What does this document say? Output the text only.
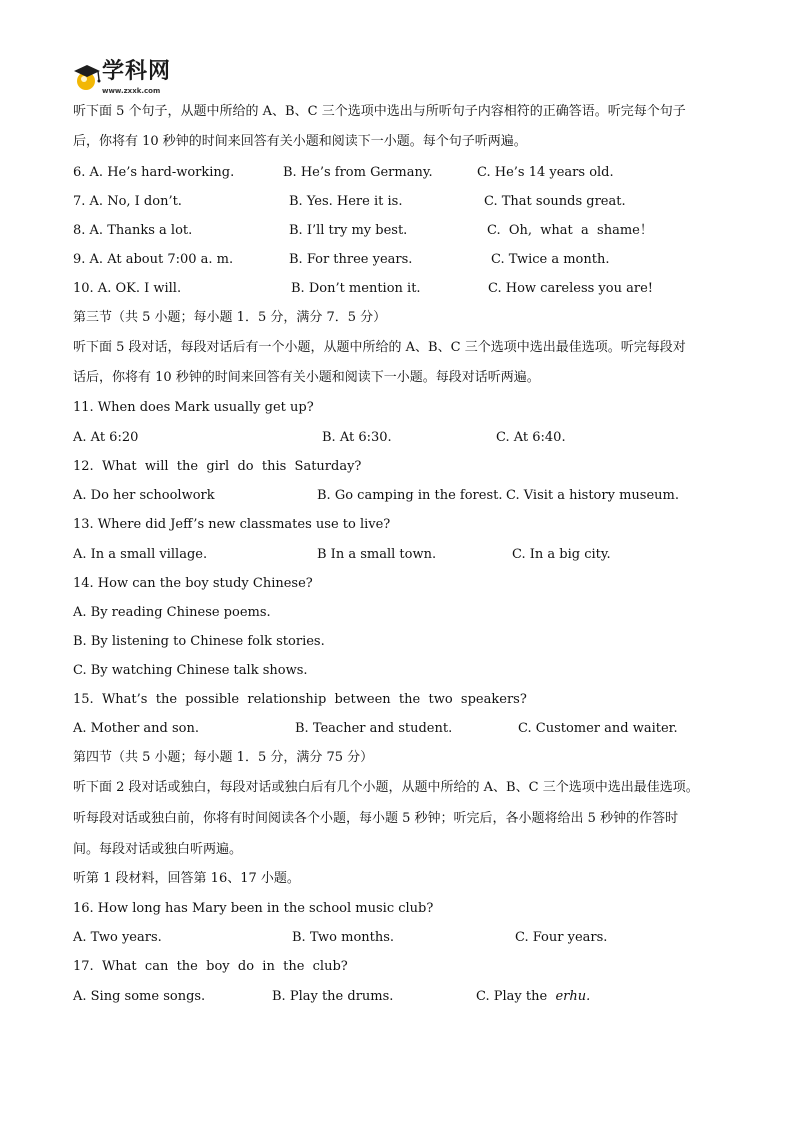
学科网
www.zxxk.com
听下面 5 个句子，从题中所给的 A、B、C 三个选项中选出与所听句子内容相符的正确答语。听完每个句子
后，你将有 10 秒钟的时间来回答有关小题和阅读下一小题。每个句子听两遍。
6. A. He’s hard-working.	B. He’s from Germany.	C. He’s 14 years old.
7. A. No, I don’t.	B. Yes. Here it is.	C. That sounds great.
8. A. Thanks a lot.	B. I’ll try my best.	C.  Oh,  what  a  shame！
9. A. At about 7:00 a. m.	B. For three years.	C. Twice a month.
10. A. OK. I will.	B. Don’t mention it.	C. How careless you are!
第三节（共 5 小题；每小题 1．5 分，满分 7．5 分）
听下面 5 段对话，每段对话后有一个小题，从题中所给的 A、B、C 三个选项中选出最佳选项。听完每段对
话后，你将有 10 秒钟的时间来回答有关小题和阅读下一小题。每段对话听两遍。
11. When does Mark usually get up?
A. At 6:20	B. At 6:30.	C. At 6:40.
12.  What  will  the  girl  do  this  Saturday?
A. Do her schoolwork	B. Go camping in the forest. C. Visit a history museum.
13. Where did Jeff’s new classmates use to live?
A. In a small village.	B In a small town.	C. In a big city.
14. How can the boy study Chinese?
A. By reading Chinese poems.
B. By listening to Chinese folk stories.
C. By watching Chinese talk shows.
15.  What’s  the  possible  relationship  between  the  two  speakers?
A. Mother and son.	B. Teacher and student.	C. Customer and waiter.
第四节（共 5 小题；每小题 1．5 分，满分 75 分）
听下面 2 段对话或独白，每段对话或独白后有几个小题，从题中所给的 A、B、C 三个选项中选出最佳选项。
听每段对话或独白前，你将有时间阅读各个小题，每小题 5 秒钟；听完后，各小题将给出 5 秒钟的作答时
间。每段对话或独白听两遍。
听第 1 段材料，回答第 16、17 小题。
16. How long has Mary been in the school music club?
A. Two years.	B. Two months.	C. Four years.
17.  What  can  the  boy  do  in  the  club?
A. Sing some songs.	B. Play the drums.	C. Play the  erhu.
